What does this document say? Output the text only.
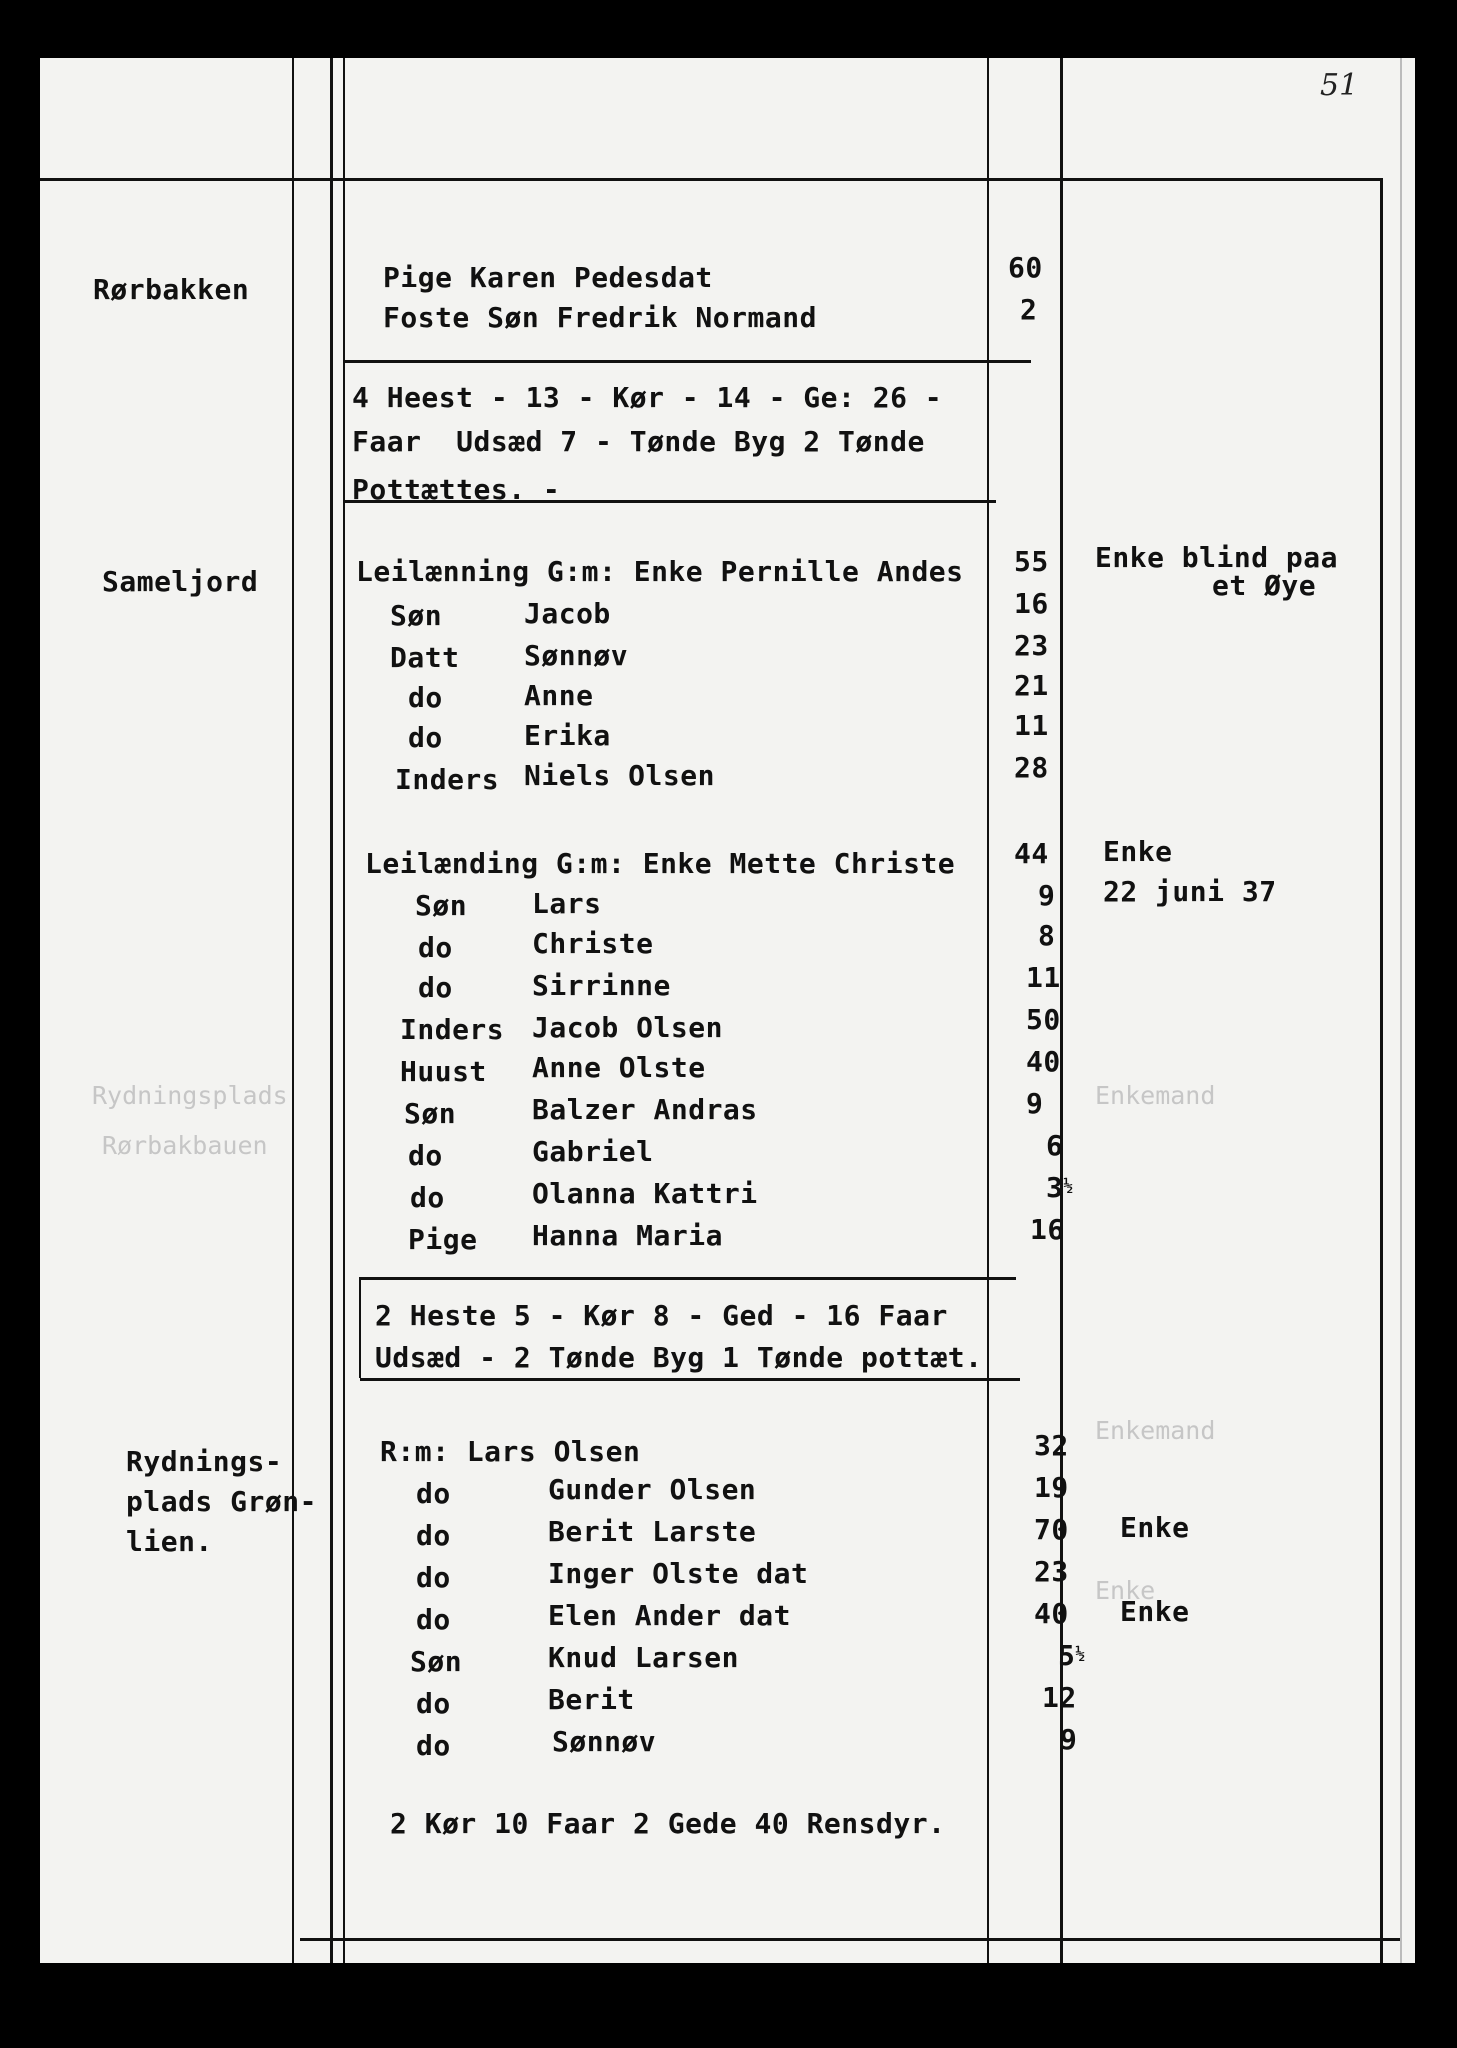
Rydningsplads
Rørbakbauen
Enkemand
Enkemand
Enke
51
Rørbakken	Pige Karen Pedesdat	60
Foste Søn Fredrik Normand	2
4 Heest - 13 - Kør - 14 - Ge: 26 -
Faar  Udsæd 7 - Tønde Byg 2 Tønde
Pottættes. -
Sameljord	Leilænning G:m: Enke Pernille Andes 55 Enke blind paa
et Øye
Søn	Jacob	16
Datt Sønnøv	23
do	Anne	21
do	Erika	11
Inders Niels Olsen	28
Leilænding G:m: Enke Mette Christe 44 Enke
22 juni 37
Søn Lars	9
do	Christe	8
do	Sirrinne	11
Inders Jacob Olsen	50
Huust Anne Olste	40
Søn	Balzer Andras	9
do	Gabriel	6
do	Olanna Kattri	$3^{\frac{1}{2}}$
Pige Hanna Maria	16
2 Heste 5 - Kør 8 - Ged - 16 Faar
Udsæd - 2 Tønde Byg 1 Tønde pottæt.
Rydnings-
plads Grøn-
lien.
R:m: Lars Olsen	32
do	Gunder Olsen	19
do	Berit Larste	70 Enke
do	Inger Olste dat	23
do	Elen Ander dat	40 Enke
Søn	Knud Larsen	$5^{\frac{1}{2}}$
do	Berit	12
do	Sønnøv	9
2 Kør 10 Faar 2 Gede 40 Rensdyr.
